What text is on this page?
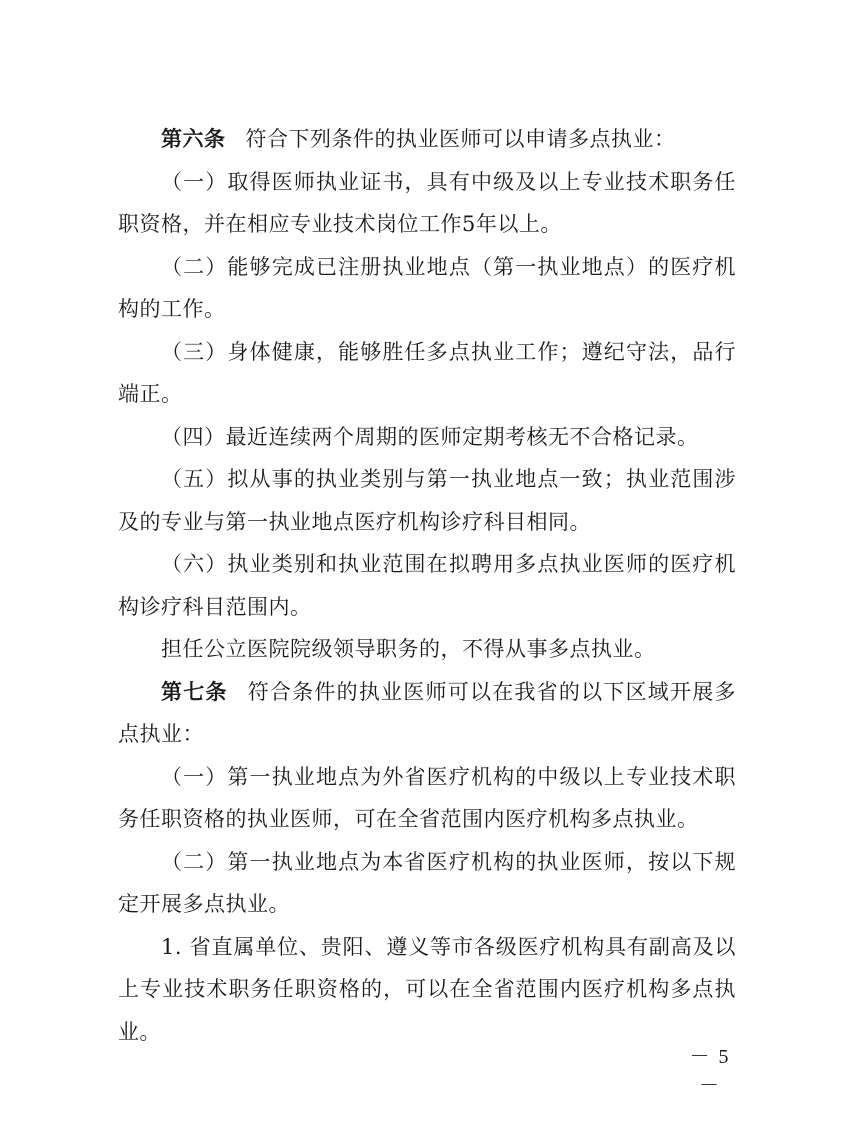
第六条 符合下列条件的执业医师可以申请多点执业：

（一）取得医师执业证书，具有中级及以上专业技术职务任职资格，并在相应专业技术岗位工作5年以上。

（二）能够完成已注册执业地点（第一执业地点）的医疗机构的工作。

（三）身体健康，能够胜任多点执业工作；遵纪守法，品行端正。

（四）最近连续两个周期的医师定期考核无不合格记录。

（五）拟从事的执业类别与第一执业地点一致；执业范围涉及的专业与第一执业地点医疗机构诊疗科目相同。

（六）执业类别和执业范围在拟聘用多点执业医师的医疗机构诊疗科目范围内。

担任公立医院院级领导职务的，不得从事多点执业。

第七条 符合条件的执业医师可以在我省的以下区域开展多点执业：

（一）第一执业地点为外省医疗机构的中级以上专业技术职务任职资格的执业医师，可在全省范围内医疗机构多点执业。

（二）第一执业地点为本省医疗机构的执业医师，按以下规定开展多点执业。

1. 省直属单位、贵阳、遵义等市各级医疗机构具有副高及以上专业技术职务任职资格的，可以在全省范围内医疗机构多点执业。

－ 5 －
